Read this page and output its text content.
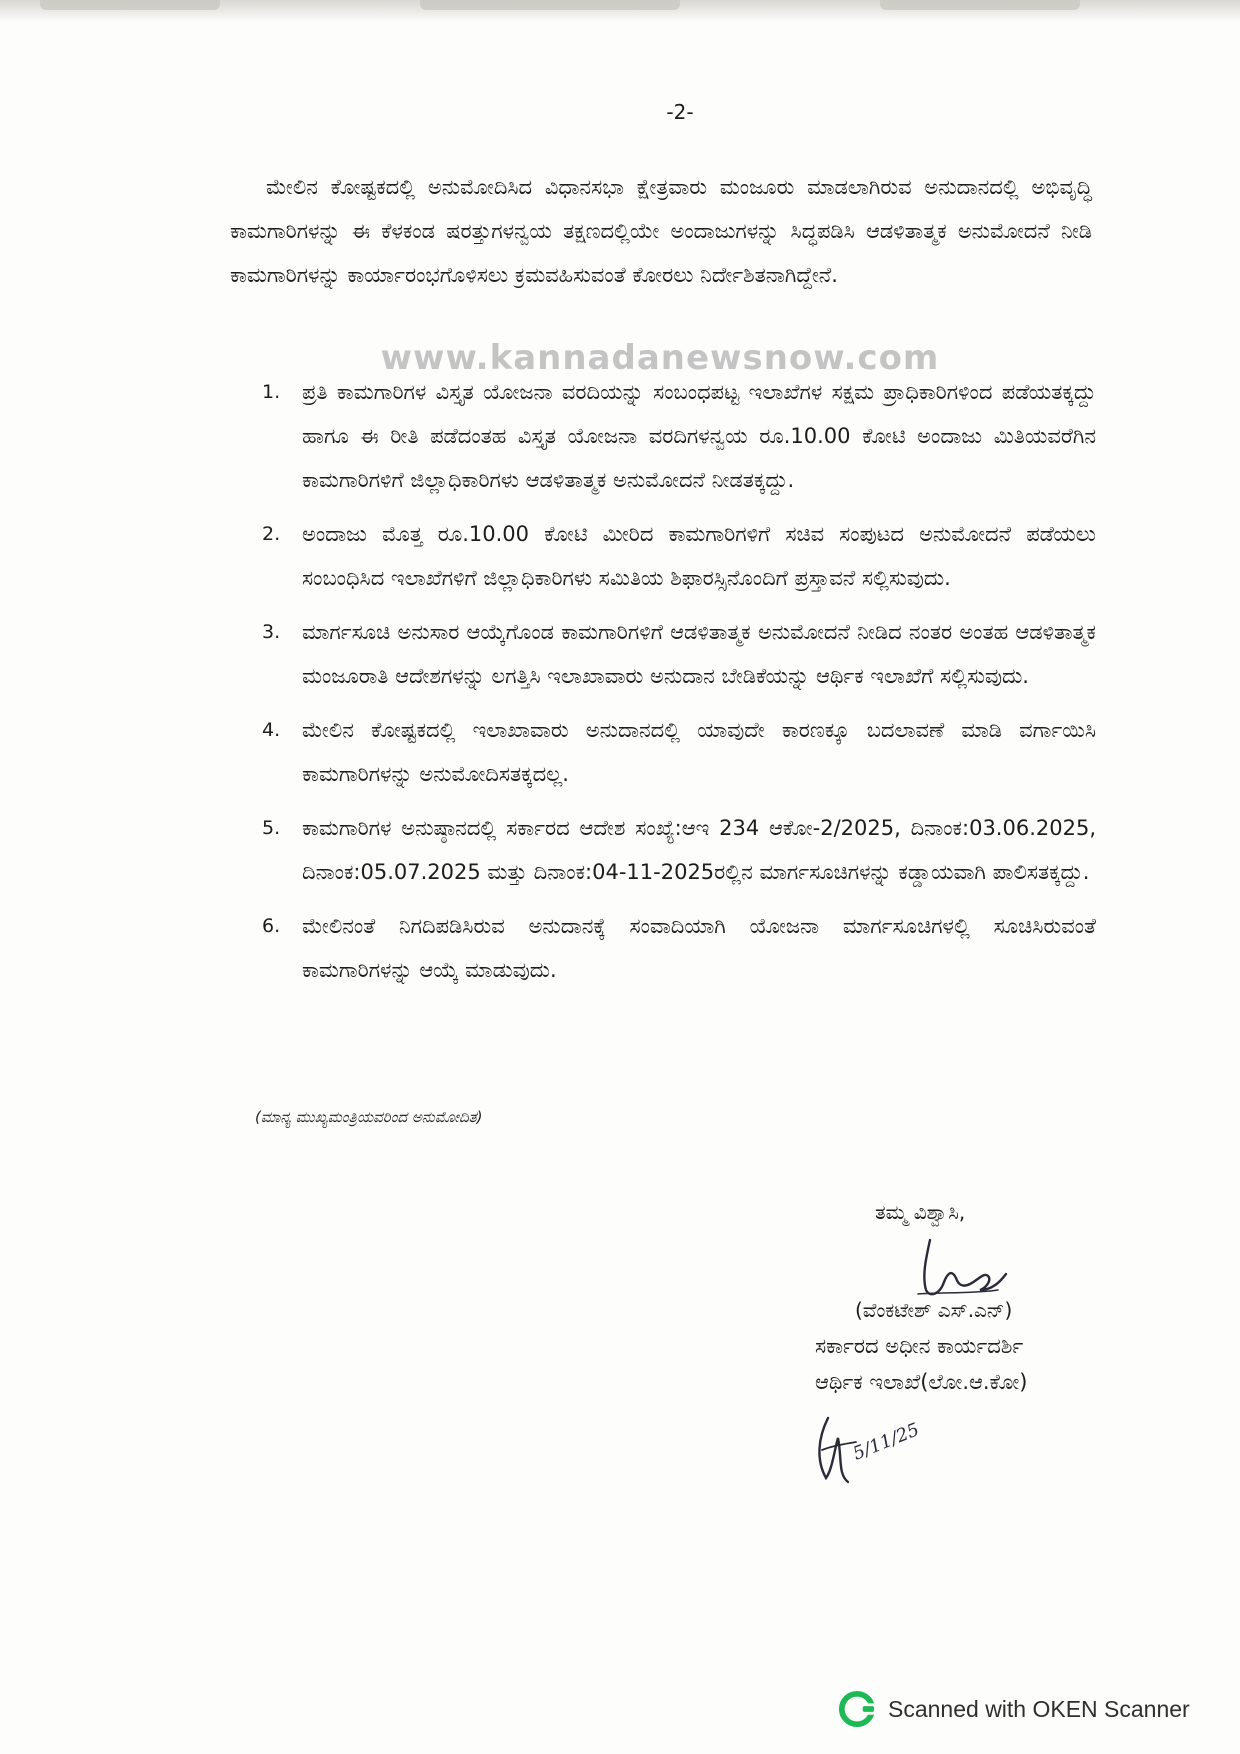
-2-

ಮೇಲಿನ ಕೋಷ್ಟಕದಲ್ಲಿ ಅನುಮೋದಿಸಿದ ವಿಧಾನಸಭಾ ಕ್ಷೇತ್ರವಾರು ಮಂಜೂರು ಮಾಡಲಾಗಿರುವ ಅನುದಾನದಲ್ಲಿ ಅಭಿವೃದ್ಧಿ ಕಾಮಗಾರಿಗಳನ್ನು ಈ ಕೆಳಕಂಡ ಷರತ್ತುಗಳನ್ವಯ ತಕ್ಷಣದಲ್ಲಿಯೇ ಅಂದಾಜುಗಳನ್ನು ಸಿದ್ಧಪಡಿಸಿ ಆಡಳಿತಾತ್ಮಕ ಅನುಮೋದನೆ ನೀಡಿ ಕಾಮಗಾರಿಗಳನ್ನು ಕಾರ್ಯಾರಂಭಗೊಳಿಸಲು ಕ್ರಮವಹಿಸುವಂತೆ ಕೋರಲು ನಿರ್ದೇಶಿತನಾಗಿದ್ದೇನೆ.

www.kannadanewsnow.com
1.	ಪ್ರತಿ ಕಾಮಗಾರಿಗಳ ವಿಸ್ತೃತ ಯೋಜನಾ ವರದಿಯನ್ನು ಸಂಬಂಧಪಟ್ಟ ಇಲಾಖೆಗಳ ಸಕ್ಷಮ ಪ್ರಾಧಿಕಾರಿಗಳಿಂದ ಪಡೆಯತಕ್ಕದ್ದು ಹಾಗೂ ಈ ರೀತಿ ಪಡೆದಂತಹ ವಿಸ್ತೃತ ಯೋಜನಾ ವರದಿಗಳನ್ವಯ ರೂ.10.00 ಕೋಟಿ ಅಂದಾಜು ಮಿತಿಯವರೆಗಿನ ಕಾಮಗಾರಿಗಳಿಗೆ ಜಿಲ್ಲಾಧಿಕಾರಿಗಳು ಆಡಳಿತಾತ್ಮಕ ಅನುಮೋದನೆ ನೀಡತಕ್ಕದ್ದು.
2.	ಅಂದಾಜು ಮೊತ್ತ ರೂ.10.00 ಕೋಟಿ ಮೀರಿದ ಕಾಮಗಾರಿಗಳಿಗೆ ಸಚಿವ ಸಂಪುಟದ ಅನುಮೋದನೆ ಪಡೆಯಲು ಸಂಬಂಧಿಸಿದ ಇಲಾಖೆಗಳಿಗೆ ಜಿಲ್ಲಾಧಿಕಾರಿಗಳು ಸಮಿತಿಯ ಶಿಫಾರಸ್ಸಿನೊಂದಿಗೆ ಪ್ರಸ್ತಾವನೆ ಸಲ್ಲಿಸುವುದು.
3.	ಮಾರ್ಗಸೂಚಿ ಅನುಸಾರ ಆಯ್ಕೆಗೊಂಡ ಕಾಮಗಾರಿಗಳಿಗೆ ಆಡಳಿತಾತ್ಮಕ ಅನುಮೋದನೆ ನೀಡಿದ ನಂತರ ಅಂತಹ ಆಡಳಿತಾತ್ಮಕ ಮಂಜೂರಾತಿ ಆದೇಶಗಳನ್ನು ಲಗತ್ತಿಸಿ ಇಲಾಖಾವಾರು ಅನುದಾನ ಬೇಡಿಕೆಯನ್ನು ಆರ್ಥಿಕ ಇಲಾಖೆಗೆ ಸಲ್ಲಿಸುವುದು.
4.	ಮೇಲಿನ ಕೋಷ್ಟಕದಲ್ಲಿ ಇಲಾಖಾವಾರು ಅನುದಾನದಲ್ಲಿ ಯಾವುದೇ ಕಾರಣಕ್ಕೂ ಬದಲಾವಣೆ ಮಾಡಿ ವರ್ಗಾಯಿಸಿ ಕಾಮಗಾರಿಗಳನ್ನು ಅನುಮೋದಿಸತಕ್ಕದಲ್ಲ.
5.	ಕಾಮಗಾರಿಗಳ ಅನುಷ್ಠಾನದಲ್ಲಿ ಸರ್ಕಾರದ ಆದೇಶ ಸಂಖ್ಯೆ:ಆಇ 234 ಆಕೋ-2/2025, ದಿನಾಂಕ:03.06.2025, ದಿನಾಂಕ:05.07.2025 ಮತ್ತು ದಿನಾಂಕ:04-11-2025ರಲ್ಲಿನ ಮಾರ್ಗಸೂಚಿಗಳನ್ನು ಕಡ್ಡಾಯವಾಗಿ ಪಾಲಿಸತಕ್ಕದ್ದು.
6.	ಮೇಲಿನಂತೆ ನಿಗದಿಪಡಿಸಿರುವ ಅನುದಾನಕ್ಕೆ ಸಂವಾದಿಯಾಗಿ ಯೋಜನಾ ಮಾರ್ಗಸೂಚಿಗಳಲ್ಲಿ ಸೂಚಿಸಿರುವಂತೆ ಕಾಮಗಾರಿಗಳನ್ನು ಆಯ್ಕೆ ಮಾಡುವುದು.
(ಮಾನ್ಯ ಮುಖ್ಯಮಂತ್ರಿಯವರಿಂದ ಅನುಮೋದಿತ)
ತಮ್ಮ ವಿಶ್ವಾಸಿ,
(ವೆಂಕಟೇಶ್ ಎಸ್.ಎನ್)
ಸರ್ಕಾರದ ಅಧೀನ ಕಾರ್ಯದರ್ಶಿ
ಆರ್ಥಿಕ ಇಲಾಖೆ(ಲೋ.ಆ.ಕೋ)
5/11/25
Scanned with OKEN Scanner
